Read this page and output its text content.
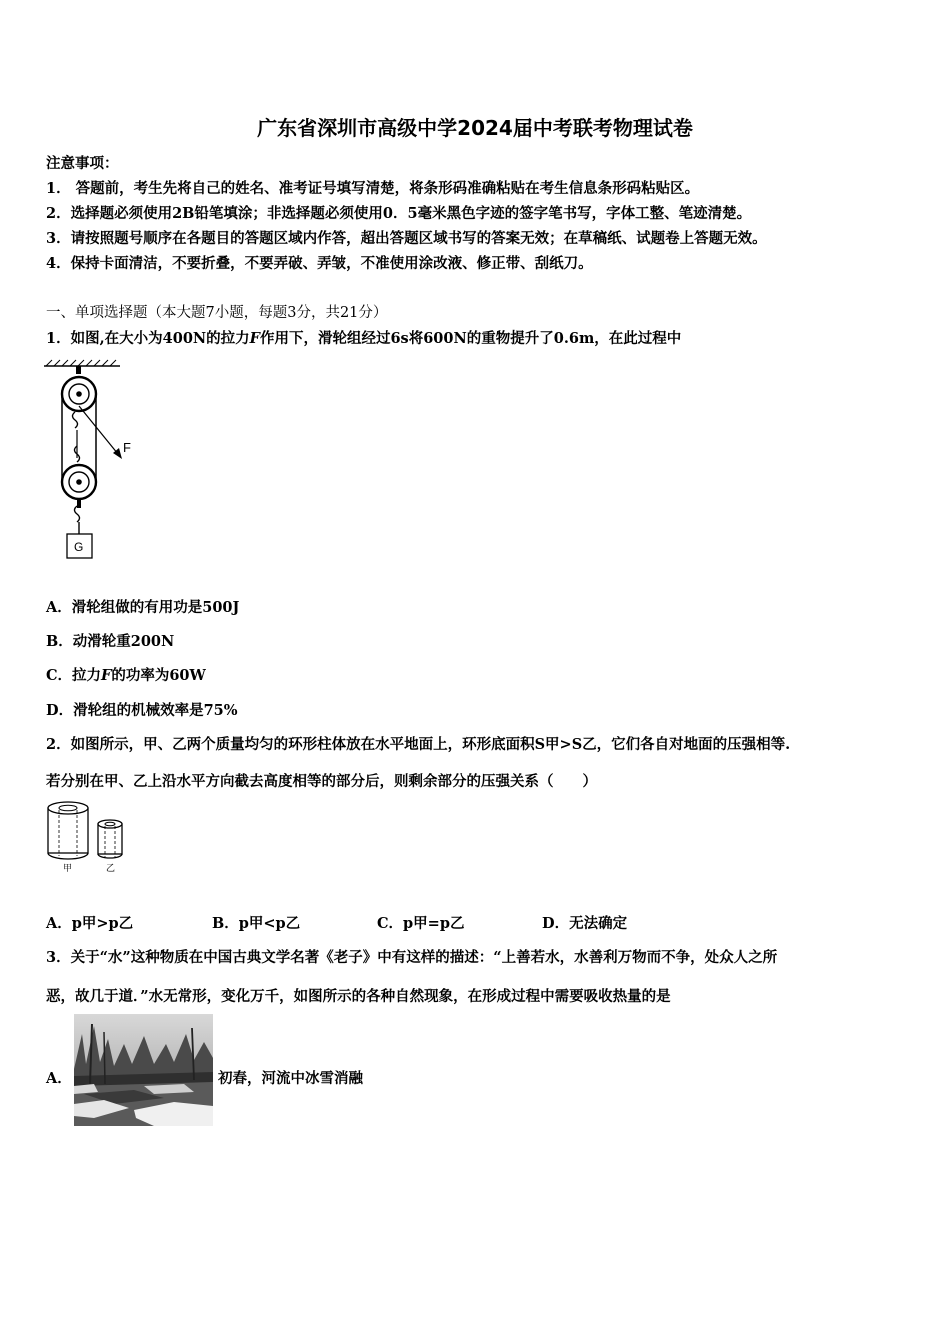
广东省深圳市高级中学2024届中考联考物理试卷
注意事项：
1． 答题前，考生先将自己的姓名、准考证号填写清楚，将条形码准确粘贴在考生信息条形码粘贴区。
2．选择题必须使用2B铅笔填涂；非选择题必须使用0．5毫米黑色字迹的签字笔书写，字体工整、笔迹清楚。
3．请按照题号顺序在各题目的答题区域内作答，超出答题区域书写的答案无效；在草稿纸、试题卷上答题无效。
4．保持卡面清洁，不要折叠，不要弄破、弄皱，不准使用涂改液、修正带、刮纸刀。
一、单项选择题（本大题7小题，每题3分，共21分）
1．如图,在大小为400N的拉力F作用下，滑轮组经过6s将600N的重物提升了0.6m，在此过程中
F
G
A．滑轮组做的有用功是500J
B．动滑轮重200N
C．拉力F的功率为60W
D．滑轮组的机械效率是75%
2．如图所示，甲、乙两个质量均匀的环形柱体放在水平地面上，环形底面积S甲>S乙，它们各自对地面的压强相等.
若分别在甲、乙上沿水平方向截去高度相等的部分后，则剩余部分的压强关系（　　）
甲	乙
A．p甲>p乙	B．p甲<p乙	C．p甲=p乙	D．无法确定
3．关于“水”这种物质在中国古典文学名著《老子》中有这样的描述：“上善若水，水善利万物而不争，处众人之所
恶，故几于道．”水无常形，变化万千，如图所示的各种自然现象，在形成过程中需要吸收热量的是
A．	初春，河流中冰雪消融
